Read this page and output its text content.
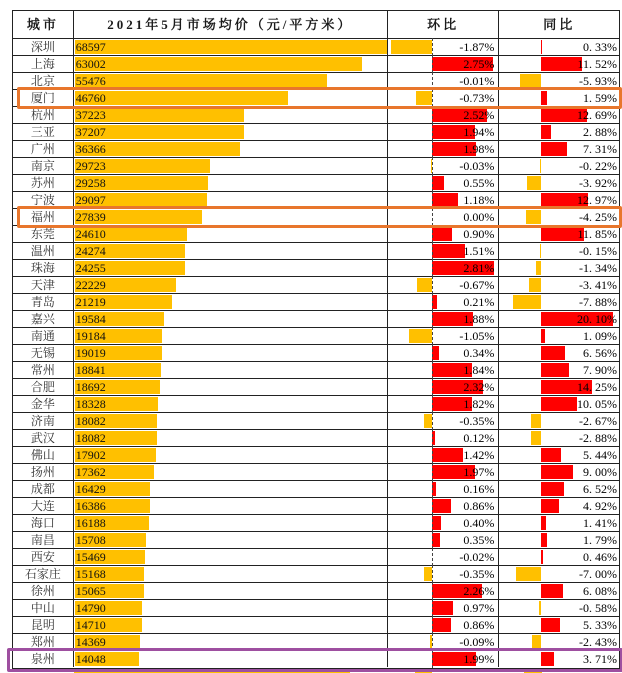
城市	2021年5月市场均价（元/平方米）	环比	同比
深圳	68597	-1.87%	0. 33%
上海	63002	2.75%	11. 52%
北京	55476	-0.01%	-5. 93%
厦门	46760	-0.73%	1. 59%
杭州	37223	2.52%	12. 69%
三亚	37207	1.94%	2. 88%
广州	36366	1.98%	7. 31%
南京	29723	-0.03%	-0. 22%
苏州	29258	0.55%	-3. 92%
宁波	29097	1.18%	12. 97%
福州	27839	0.00%	-4. 25%
东莞	24610	0.90%	11. 85%
温州	24274	1.51%	-0. 15%
珠海	24255	2.81%	-1. 34%
天津	22229	-0.67%	-3. 41%
青岛	21219	0.21%	-7. 88%
嘉兴	19584	1.88%	20. 10%
南通	19184	-1.05%	1. 09%
无锡	19019	0.34%	6. 56%
常州	18841	1.84%	7. 90%
合肥	18692	2.32%	14. 25%
金华	18328	1.82%	10. 05%
济南	18082	-0.35%	-2. 67%
武汉	18082	0.12%	-2. 88%
佛山	17902	1.42%	5. 44%
扬州	17362	1.97%	9. 00%
成都	16429	0.16%	6. 52%
大连	16386	0.86%	4. 92%
海口	16188	0.40%	1. 41%
南昌	15708	0.35%	1. 79%
西安	15469	-0.02%	0. 46%
石家庄	15168	-0.35%	-7. 00%
徐州	15065	2.26%	6. 08%
中山	14790	0.97%	-0. 58%
昆明	14710	0.86%	5. 33%
郑州	14369	-0.09%	-2. 43%
泉州	14048	1.99%	3. 71%
